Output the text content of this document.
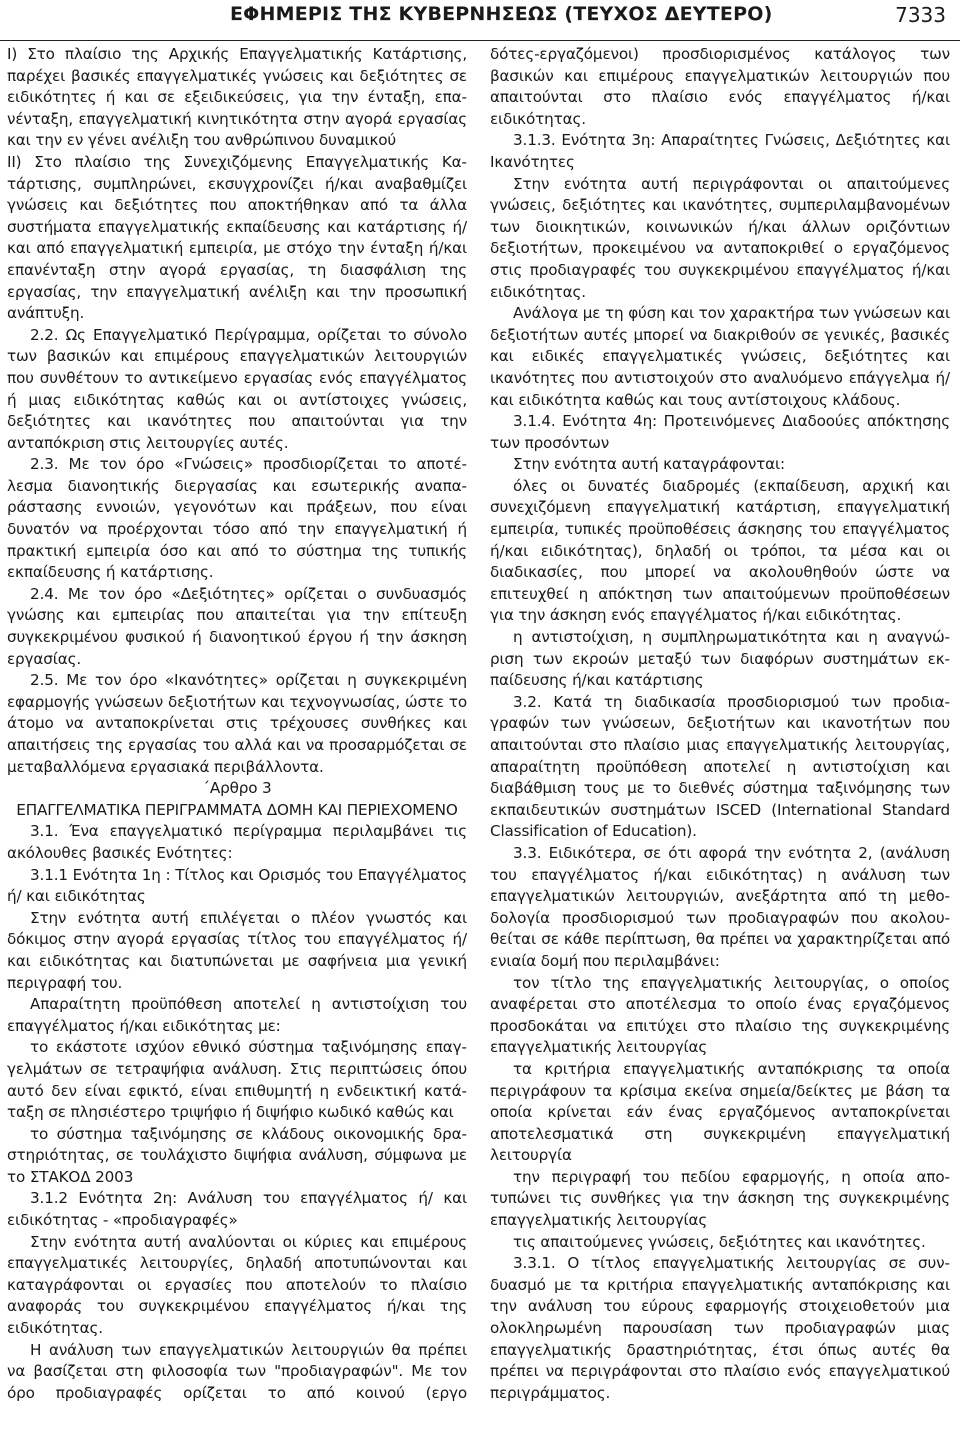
ΕΦΗΜΕΡΙΣ ΤΗΣ ΚΥΒΕΡΝΗΣΕΩΣ (ΤΕΥΧΟΣ ΔΕΥΤΕΡΟ)	7333

Ι) Στο πλαίσιο της Αρχικής Επαγγελματικής Κατάρτισης, παρέχει βασικές επαγγελματικές γνώσεις και δεξιότητες σε ειδικότητες ή και σε εξειδικεύσεις, για την ένταξη, επανένταξη, επαγγελματική κινητικότητα στην αγορά εργασίας και την εν γένει ανέλιξη του ανθρώπινου δυναμικού

ΙΙ) Στο πλαίσιο της Συνεχιζόμενης Επαγγελματικής Κατάρτισης, συμπληρώνει, εκσυγχρονίζει ή/και αναβαθμίζει γνώσεις και δεξιότητες που αποκτήθηκαν από τα άλλα συστήματα επαγγελματικής εκπαίδευσης και κατάρτισης ή/και από επαγγελματική εμπειρία, με στόχο την ένταξη ή/και επανένταξη στην αγορά εργασίας, τη διασφάλιση της εργασίας, την επαγγελματική ανέλιξη και την προσωπική ανάπτυξη.

2.2. Ως Επαγγελματικό Περίγραμμα, ορίζεται το σύνολο των βασικών και επιμέρους επαγγελματικών λειτουργιών που συνθέτουν το αντικείμενο εργασίας ενός επαγγέλματος ή μιας ειδικότητας καθώς και οι αντίστοιχες γνώσεις, δεξιότητες και ικανότητες που απαιτούνται για την ανταπόκριση στις λειτουργίες αυτές.

2.3. Με τον όρο «Γνώσεις» προσδιορίζεται το αποτέλεσμα διανοητικής διεργασίας και εσωτερικής αναπαράστασης εννοιών, γεγονότων και πράξεων, που είναι δυνατόν να προέρχονται τόσο από την επαγγελματική ή πρακτική εμπειρία όσο και από το σύστημα της τυπικής εκπαίδευσης ή κατάρτισης.

2.4. Με τον όρο «Δεξιότητες» ορίζεται ο συνδυασμός γνώσης και εμπειρίας που απαιτείται για την επίτευξη συγκεκριμένου φυσικού ή διανοητικού έργου ή την άσκηση εργασίας.

2.5. Με τον όρο «Ικανότητες» ορίζεται η συγκεκριμένη εφαρμογής γνώσεων δεξιοτήτων και τεχνογνωσίας, ώστε το άτομο να ανταποκρίνεται στις τρέχουσες συνθήκες και απαιτήσεις της εργασίας του αλλά και να προσαρμόζεται σε μεταβαλλόμενα εργασιακά περιβάλλοντα.

΄Αρθρο 3

ΕΠΑΓΓΕΛΜΑΤΙΚΑ ΠΕΡΙΓΡΑΜΜΑΤΑ ΔΟΜΗ ΚΑΙ ΠΕΡΙΕΧΟΜΕΝΟ

3.1. Ένα επαγγελματικό περίγραμμα περιλαμβάνει τις ακόλουθες βασικές Ενότητες:

3.1.1 Ενότητα 1η : Τίτλος και Ορισμός του Επαγγέλματος ή/ και ειδικότητας

Στην ενότητα αυτή επιλέγεται ο πλέον γνωστός και δόκιμος στην αγορά εργασίας τίτλος του επαγγέλματος ή/και ειδικότητας και διατυπώνεται με σαφήνεια μια γενική περιγραφή του.

Απαραίτητη προϋπόθεση αποτελεί η αντιστοίχιση του επαγγέλματος ή/και ειδικότητας με:

το εκάστοτε ισχύον εθνικό σύστημα ταξινόμησης επαγγελμάτων σε τετραψήφια ανάλυση. Στις περιπτώσεις όπου αυτό δεν είναι εφικτό, είναι επιθυμητή η ενδεικτική κατάταξη σε πλησιέστερο τριψήφιο ή διψήφιο κωδικό καθώς και

το σύστημα ταξινόμησης σε κλάδους οικονομικής δραστηριότητας, σε τουλάχιστο διψήφια ανάλυση, σύμφωνα με το ΣΤΑΚΟΔ 2003

3.1.2 Ενότητα 2η: Ανάλυση του επαγγέλματος ή/ και ειδικότητας - «προδιαγραφές»

Στην ενότητα αυτή αναλύονται οι κύριες και επιμέρους επαγγελματικές λειτουργίες, δηλαδή αποτυπώνονται και καταγράφονται οι εργασίες που αποτελούν το πλαίσιο αναφοράς του συγκεκριμένου επαγγέλματος ή/και της ειδικότητας.

Η ανάλυση των επαγγελματικών λειτουργιών θα πρέπει να βασίζεται στη φιλοσοφία των "προδιαγραφών". Με τον όρο προδιαγραφές ορίζεται το από κοινού (εργο

δότες-εργαζόμενοι) προσδιορισμένος κατάλογος των βασικών και επιμέρους επαγγελματικών λειτουργιών που απαιτούνται στο πλαίσιο ενός επαγγέλματος ή/και ειδικότητας.

3.1.3. Ενότητα 3η: Απαραίτητες Γνώσεις, Δεξιότητες και Ικανότητες

Στην ενότητα αυτή περιγράφονται οι απαιτούμενες γνώσεις, δεξιότητες και ικανότητες, συμπεριλαμβανομένων των διοικητικών, κοινωνικών ή/και άλλων οριζόντιων δεξιοτήτων, προκειμένου να ανταποκριθεί ο εργαζόμενος στις προδιαγραφές του συγκεκριμένου επαγγέλματος ή/και ειδικότητας.

Ανάλογα με τη φύση και τον χαρακτήρα των γνώσεων και δεξιοτήτων αυτές μπορεί να διακριθούν σε γενικές, βασικές και ειδικές επαγγελματικές γνώσεις, δεξιότητες και ικανότητες που αντιστοιχούν στο αναλυόμενο επάγγελμα ή/και ειδικότητα καθώς και τους αντίστοιχους κλάδους.

3.1.4. Ενότητα 4η: Προτεινόμενες Διαδοούες απόκτησης των προσόντων

Στην ενότητα αυτή καταγράφονται:

όλες οι δυνατές διαδρομές (εκπαίδευση, αρχική και συνεχιζόμενη επαγγελματική κατάρτιση, επαγγελματική εμπειρία, τυπικές προϋποθέσεις άσκησης του επαγγέλματος ή/και ειδικότητας), δηλαδή οι τρόποι, τα μέσα και οι διαδικασίες, που μπορεί να ακολουθηθούν ώστε να επιτευχθεί η απόκτηση των απαιτούμενων προϋποθέσεων για την άσκηση ενός επαγγέλματος ή/και ειδικότητας.

η αντιστοίχιση, η συμπληρωματικότητα και η αναγνώριση των εκροών μεταξύ των διαφόρων συστημάτων εκπαίδευσης ή/και κατάρτισης

3.2. Κατά τη διαδικασία προσδιορισμού των προδιαγραφών των γνώσεων, δεξιοτήτων και ικανοτήτων που απαιτούνται στο πλαίσιο μιας επαγγελματικής λειτουργίας, απαραίτητη προϋπόθεση αποτελεί η αντιστοίχιση και διαβάθμιση τους με το διεθνές σύστημα ταξινόμησης των εκπαιδευτικών συστημάτων ISCED (International Standard Classification of Education).

3.3. Ειδικότερα, σε ότι αφορά την ενότητα 2, (ανάλυση του επαγγέλματος ή/και ειδικότητας) η ανάλυση των επαγγελματικών λειτουργιών, ανεξάρτητα από τη μεθοδολογία προσδιορισμού των προδιαγραφών που ακολουθείται σε κάθε περίπτωση, θα πρέπει να χαρακτηρίζεται από ενιαία δομή που περιλαμβάνει:

τον τίτλο της επαγγελματικής λειτουργίας, ο οποίος αναφέρεται στο αποτέλεσμα το οποίο ένας εργαζόμενος προσδοκάται να επιτύχει στο πλαίσιο της συγκεκριμένης επαγγελματικής λειτουργίας

τα κριτήρια επαγγελματικής ανταπόκρισης τα οποία περιγράφουν τα κρίσιμα εκείνα σημεία/δείκτες με βάση τα οποία κρίνεται εάν ένας εργαζόμενος ανταποκρίνεται αποτελεσματικά στη συγκεκριμένη επαγγελματική λειτουργία

την περιγραφή του πεδίου εφαρμογής, η οποία αποτυπώνει τις συνθήκες για την άσκηση της συγκεκριμένης επαγγελματικής λειτουργίας

τις απαιτούμενες γνώσεις, δεξιότητες και ικανότητες.

3.3.1. Ο τίτλος επαγγελματικής λειτουργίας σε συνδυασμό με τα κριτήρια επαγγελματικής ανταπόκρισης και την ανάλυση του εύρους εφαρμογής στοιχειοθετούν μια ολοκληρωμένη παρουσίαση των προδιαγραφών μιας επαγγελματικής δραστηριότητας, έτσι όπως αυτές θα πρέπει να περιγράφονται στο πλαίσιο ενός επαγγελματικού περιγράμματος.
